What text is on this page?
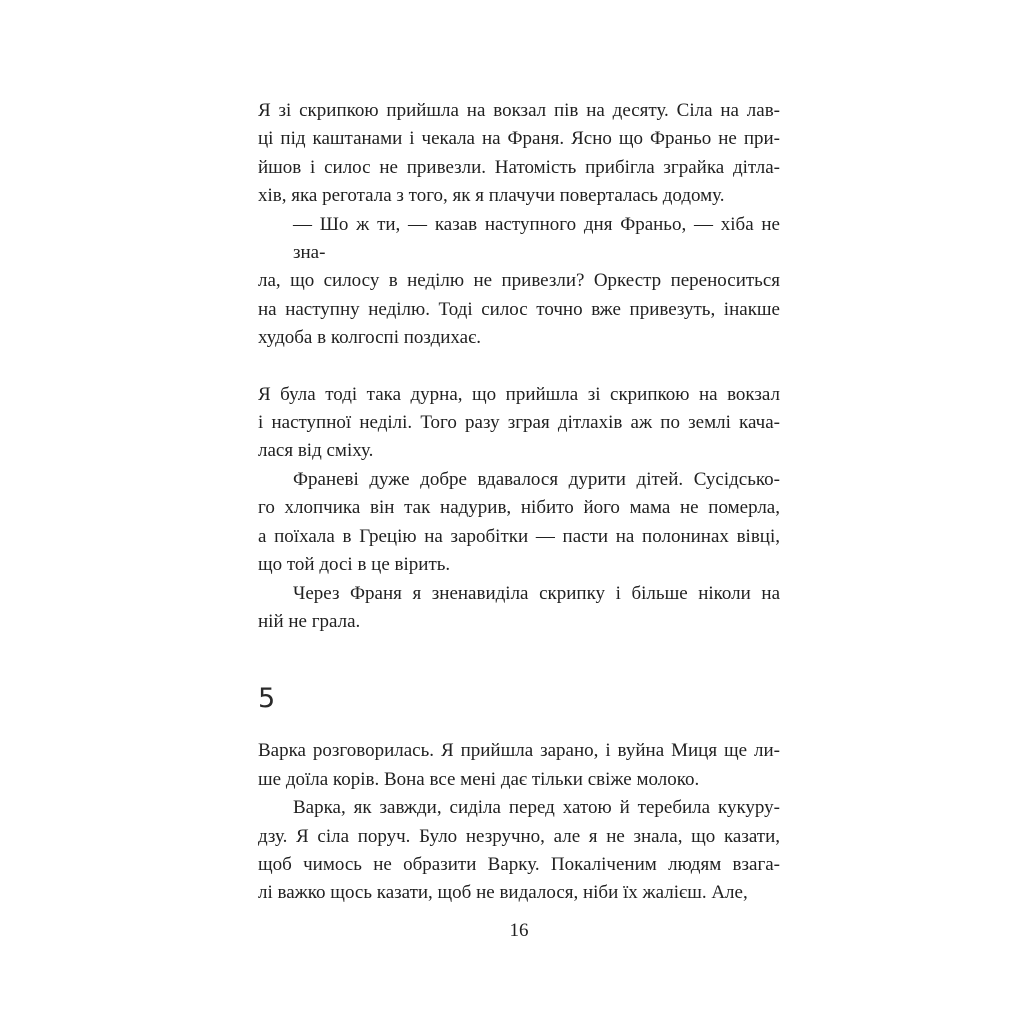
Я зі скрипкою прийшла на вокзал пів на десяту. Сіла на лав-
ці під каштанами і чекала на Франя. Ясно що Франьо не при-
йшов і силос не привезли. Натомість прибігла зграйка дітла-
хів, яка реготала з того, як я плачучи поверталась додому.
— Шо ж ти, — казав наступного дня Франьо, — хіба не зна-
ла, що силосу в неділю не привезли? Оркестр переноситься
на наступну неділю. Тоді силос точно вже привезуть, інакше
худоба в колгоспі поздихає.
Я була тоді така дурна, що прийшла зі скрипкою на вокзал
і наступної неділі. Того разу зграя дітлахів аж по землі кача-
лася від сміху.
Франеві дуже добре вдавалося дурити дітей. Сусідсько-
го хлопчика він так надурив, нібито його мама не померла,
а поїхала в Грецію на заробітки — пасти на полонинах вівці,
що той досі в це вірить.
Через Франя я зненавиділа скрипку і більше ніколи на
ній не грала.
5
Варка розговорилась. Я прийшла зарано, і вуйна Миця ще ли-
ше доїла корів. Вона все мені дає тільки свіже молоко.
Варка, як завжди, сиділа перед хатою й теребила кукуру-
дзу. Я сіла поруч. Було незручно, але я не знала, що казати,
щоб чимось не образити Варку. Покаліченим людям взага-
лі важко щось казати, щоб не видалося, ніби їх жалієш. Але,
16
